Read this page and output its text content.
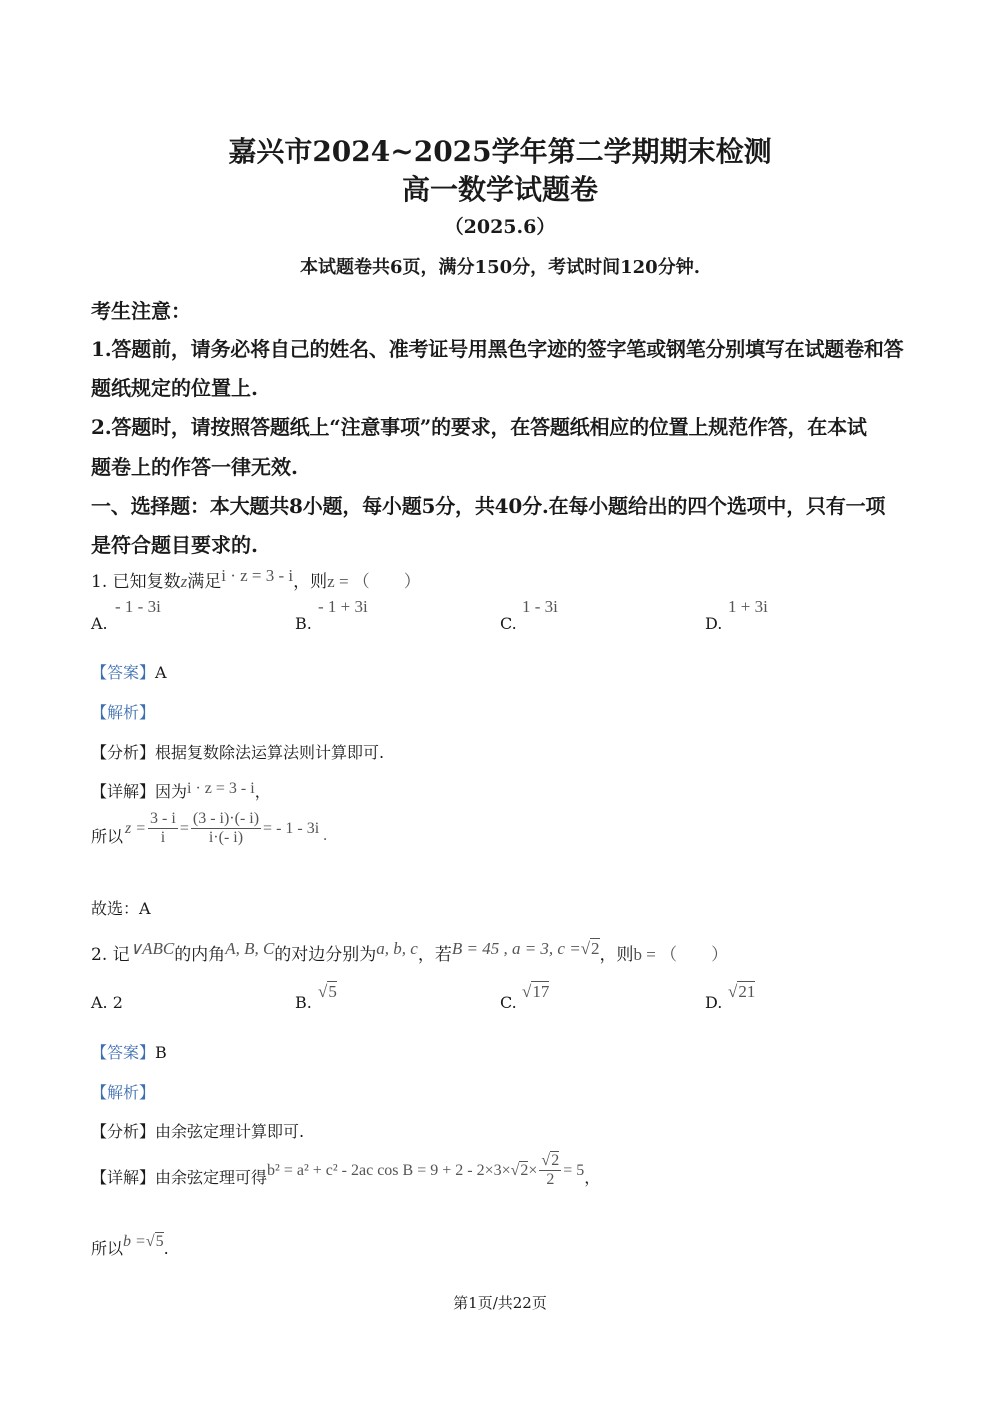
嘉兴市2024~2025学年第二学期期末检测
高一数学试题卷
（2025.6）
本试题卷共6页，满分150分，考试时间120分钟.
考生注意：
1.答题前，请务必将自己的姓名、准考证号用黑色字迹的签字笔或钢笔分别填写在试题卷和答
题纸规定的位置上.
2.答题时，请按照答题纸上“注意事项”的要求，在答题纸相应的位置上规范作答，在本试
题卷上的作答一律无效.
一、选择题：本大题共8小题，每小题5分，共40分.在每小题给出的四个选项中，只有一项
是符合题目要求的.
1. 已知复数z满足i · z = 3 - i，则z = （　　）
A.
- 1 - 3i
B.
- 1 + 3i
C.
1 - 3i
D.
1 + 3i
【答案】A
【解析】
【分析】根据复数除法运算法则计算即可.
【详解】因为i · z = 3 - i，
所以 $z = \frac{3 - i}{i} = \frac{(3 - i)\cdot(- i)}{i\cdot(- i)}$ = - 1 - 3i .
故选：A
2. 记∨ABC的内角A, B, C的对边分别为a, b, c，若B = 45 , a = 3, c =√2，则b = （　　）
A. 2	B.
√5
C.
√17
D.
√21
【答案】B
【解析】
【分析】由余弦定理计算即可.
【详解】由余弦定理可得 b² = a² + c² - 2ac $\cos B = 9 + 2 - 2\times 3\times √2 \times \frac{√2}{2} = 5$ ，
所以b =√5.
第1页/共22页
